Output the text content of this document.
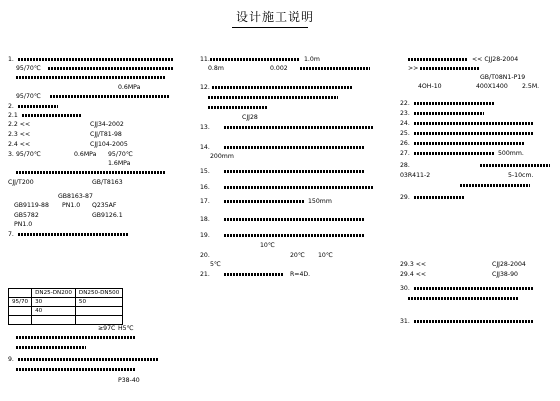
设计施工说明
1.
95/70℃
0.6MPa
95/70℃
2.
2.1
2.2 <<	CJJ34-2002
2.3 <<	CJJ/T81-98
2.4 <<	CJJ104-2005
3. 95/70℃	0.6MPa 95/70℃
1.6MPa
CJJ/T200	GB/T8163
GB8163-87
GB9119-88 PN1.0 Q235AF
GB5782	GB9126.1
PN1.0
7.
≥97C H5℃
9.
P38-40
	DN25-DN200	DN250-DN500
95/70	30	50
	40	

11.	1.0m
0.8m	0.002
12.
13.
CJJ28
14.
200mm
15.
16.
17.	150mm
18.
19.
10℃
20.	20℃ 10℃
5℃
21.	R=4D.
<< CJJ28-2004
>>
GB/T08N1-P19
4OH-10	400X1400 2.5M.
22.
23.
24.
25.
26.
27.	500mm.
28.
03R411-2	5-10cm.
29.
29.3 <<	CJJ28-2004
29.4 <<	CJJ38-90
30.
31.
